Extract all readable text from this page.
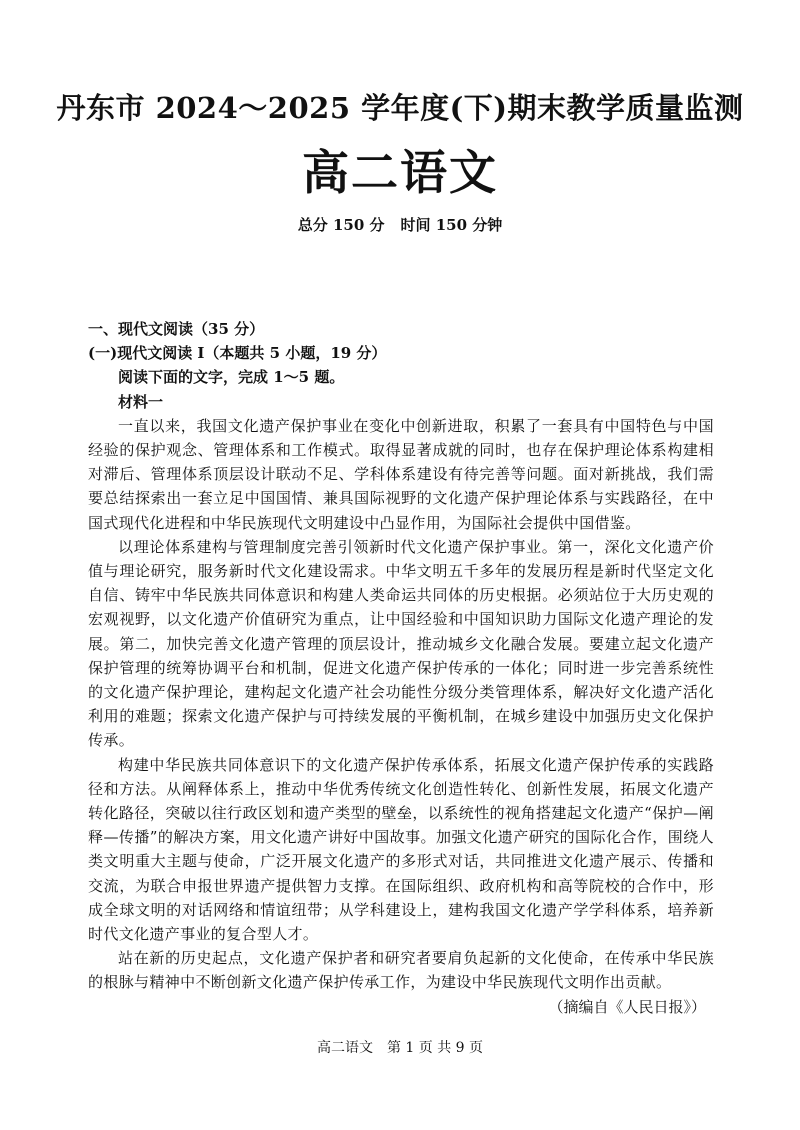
丹东市 2024～2025 学年度(下)期末教学质量监测
高二语文
总分 150 分 时间 150 分钟
一、现代文阅读（35 分）
(一)现代文阅读 I（本题共 5 小题，19 分）
阅读下面的文字，完成 1～5 题。
材料一
一直以来，我国文化遗产保护事业在变化中创新进取，积累了一套具有中国特色与中国经验的保护观念、管理体系和工作模式。取得显著成就的同时，也存在保护理论体系构建相对滞后、管理体系顶层设计联动不足、学科体系建设有待完善等问题。面对新挑战，我们需要总结探索出一套立足中国国情、兼具国际视野的文化遗产保护理论体系与实践路径，在中国式现代化进程和中华民族现代文明建设中凸显作用，为国际社会提供中国借鉴。
以理论体系建构与管理制度完善引领新时代文化遗产保护事业。第一，深化文化遗产价值与理论研究，服务新时代文化建设需求。中华文明五千多年的发展历程是新时代坚定文化自信、铸牢中华民族共同体意识和构建人类命运共同体的历史根据。必须站位于大历史观的宏观视野，以文化遗产价值研究为重点，让中国经验和中国知识助力国际文化遗产理论的发展。第二，加快完善文化遗产管理的顶层设计，推动城乡文化融合发展。要建立起文化遗产保护管理的统筹协调平台和机制，促进文化遗产保护传承的一体化；同时进一步完善系统性的文化遗产保护理论，建构起文化遗产社会功能性分级分类管理体系，解决好文化遗产活化利用的难题；探索文化遗产保护与可持续发展的平衡机制，在城乡建设中加强历史文化保护传承。
构建中华民族共同体意识下的文化遗产保护传承体系，拓展文化遗产保护传承的实践路径和方法。从阐释体系上，推动中华优秀传统文化创造性转化、创新性发展，拓展文化遗产转化路径，突破以往行政区划和遗产类型的壁垒，以系统性的视角搭建起文化遗产“保护—阐释—传播”的解决方案，用文化遗产讲好中国故事。加强文化遗产研究的国际化合作，围绕人类文明重大主题与使命，广泛开展文化遗产的多形式对话，共同推进文化遗产展示、传播和交流，为联合申报世界遗产提供智力支撑。在国际组织、政府机构和高等院校的合作中，形成全球文明的对话网络和情谊纽带；从学科建设上，建构我国文化遗产学学科体系，培养新时代文化遗产事业的复合型人才。
站在新的历史起点，文化遗产保护者和研究者要肩负起新的文化使命，在传承中华民族的根脉与精神中不断创新文化遗产保护传承工作，为建设中华民族现代文明作出贡献。
（摘编自《人民日报》）
高二语文　第 1 页 共 9 页
